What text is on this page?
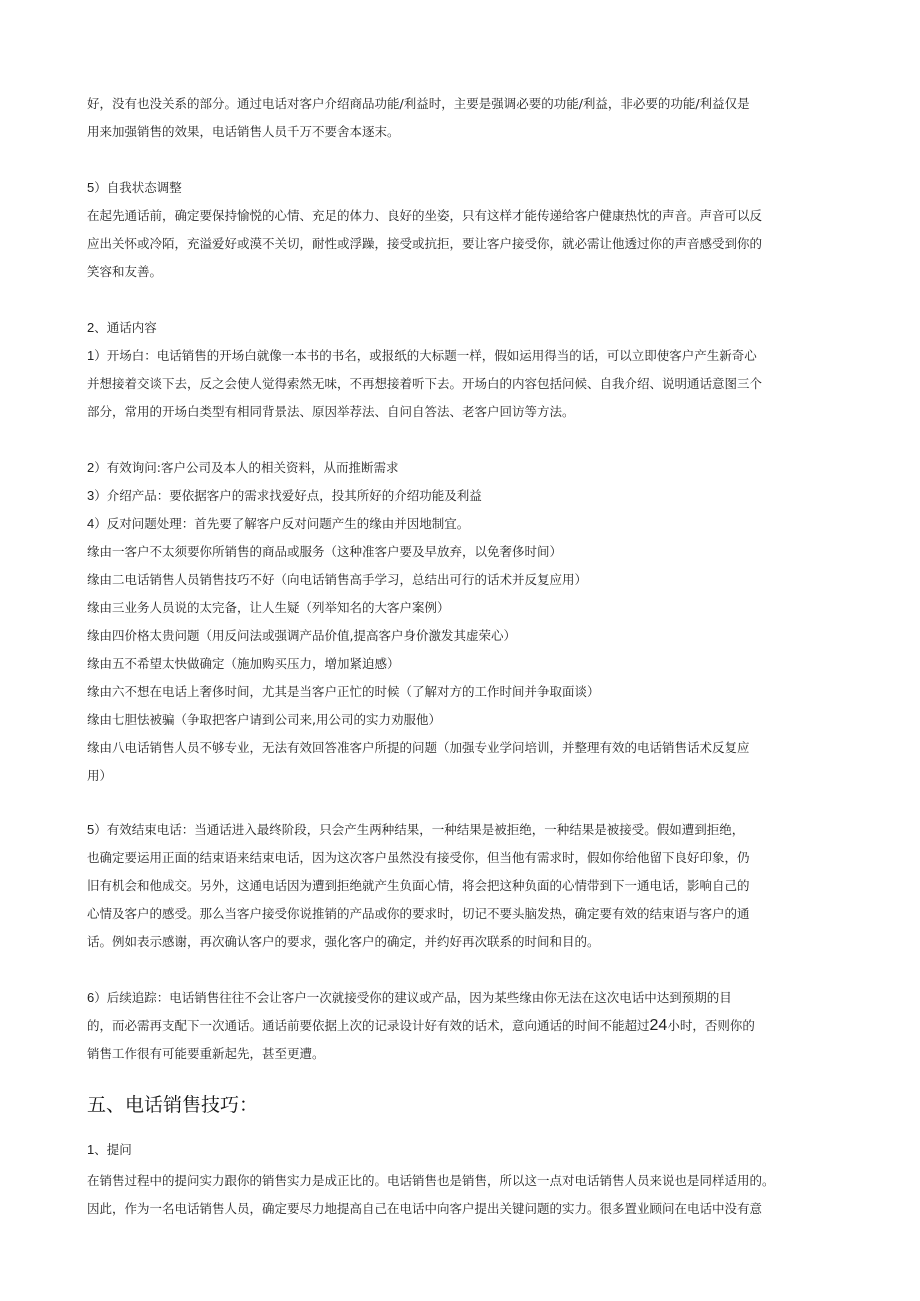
好，没有也没关系的部分。通过电话对客户介绍商品功能/利益时，主要是强调必要的功能/利益，非必要的功能/利益仅是

用来加强销售的效果，电话销售人员千万不要舍本逐末。

5）自我状态调整

在起先通话前，确定要保持愉悦的心情、充足的体力、良好的坐姿，只有这样才能传递给客户健康热忱的声音。声音可以反

应出关怀或冷陌，充溢爱好或漠不关切，耐性或浮躁，接受或抗拒，要让客户接受你，就必需让他透过你的声音感受到你的

笑容和友善。

2、通话内容

1）开场白：电话销售的开场白就像一本书的书名，或报纸的大标题一样，假如运用得当的话，可以立即使客户产生新奇心

并想接着交谈下去，反之会使人觉得索然无味，不再想接着听下去。开场白的内容包括问候、自我介绍、说明通话意图三个

部分，常用的开场白类型有相同背景法、原因举荐法、自问自答法、老客户回访等方法。

2）有效询问:客户公司及本人的相关资料，从而推断需求

3）介绍产品：要依据客户的需求找爱好点，投其所好的介绍功能及利益

4）反对问题处理：首先要了解客户反对问题产生的缘由并因地制宜。

缘由一客户不太须要你所销售的商品或服务（这种准客户要及早放弃，以免奢侈时间）

缘由二电话销售人员销售技巧不好（向电话销售高手学习，总结出可行的话术并反复应用）

缘由三业务人员说的太完备，让人生疑（列举知名的大客户案例）

缘由四价格太贵问题（用反问法或强调产品价值,提高客户身价激发其虚荣心）

缘由五不希望太快做确定（施加购买压力，增加紧迫感）

缘由六不想在电话上奢侈时间，尤其是当客户正忙的时候（了解对方的工作时间并争取面谈）

缘由七胆怯被骗（争取把客户请到公司来,用公司的实力劝服他）

缘由八电话销售人员不够专业，无法有效回答准客户所提的问题（加强专业学问培训，并整理有效的电话销售话术反复应

用）

5）有效结束电话：当通话进入最终阶段，只会产生两种结果，一种结果是被拒绝，一种结果是被接受。假如遭到拒绝，

也确定要运用正面的结束语来结束电话，因为这次客户虽然没有接受你，但当他有需求时，假如你给他留下良好印象，仍

旧有机会和他成交。另外，这通电话因为遭到拒绝就产生负面心情，将会把这种负面的心情带到下一通电话，影响自己的

心情及客户的感受。那么当客户接受你说推销的产品或你的要求时，切记不要头脑发热，确定要有效的结束语与客户的通

话。例如表示感谢，再次确认客户的要求，强化客户的确定，并约好再次联系的时间和目的。

6）后续追踪：电话销售往往不会让客户一次就接受你的建议或产品，因为某些缘由你无法在这次电话中达到预期的目

的，而必需再支配下一次通话。通话前要依据上次的记录设计好有效的话术，意向通话的时间不能超过24小时，否则你的

销售工作很有可能要重新起先，甚至更遭。

五、电话销售技巧：

1、提问

在销售过程中的提问实力跟你的销售实力是成正比的。电话销售也是销售，所以这一点对电话销售人员来说也是同样适用的。

因此，作为一名电话销售人员，确定要尽力地提高自己在电话中向客户提出关键问题的实力。很多置业顾问在电话中没有意
